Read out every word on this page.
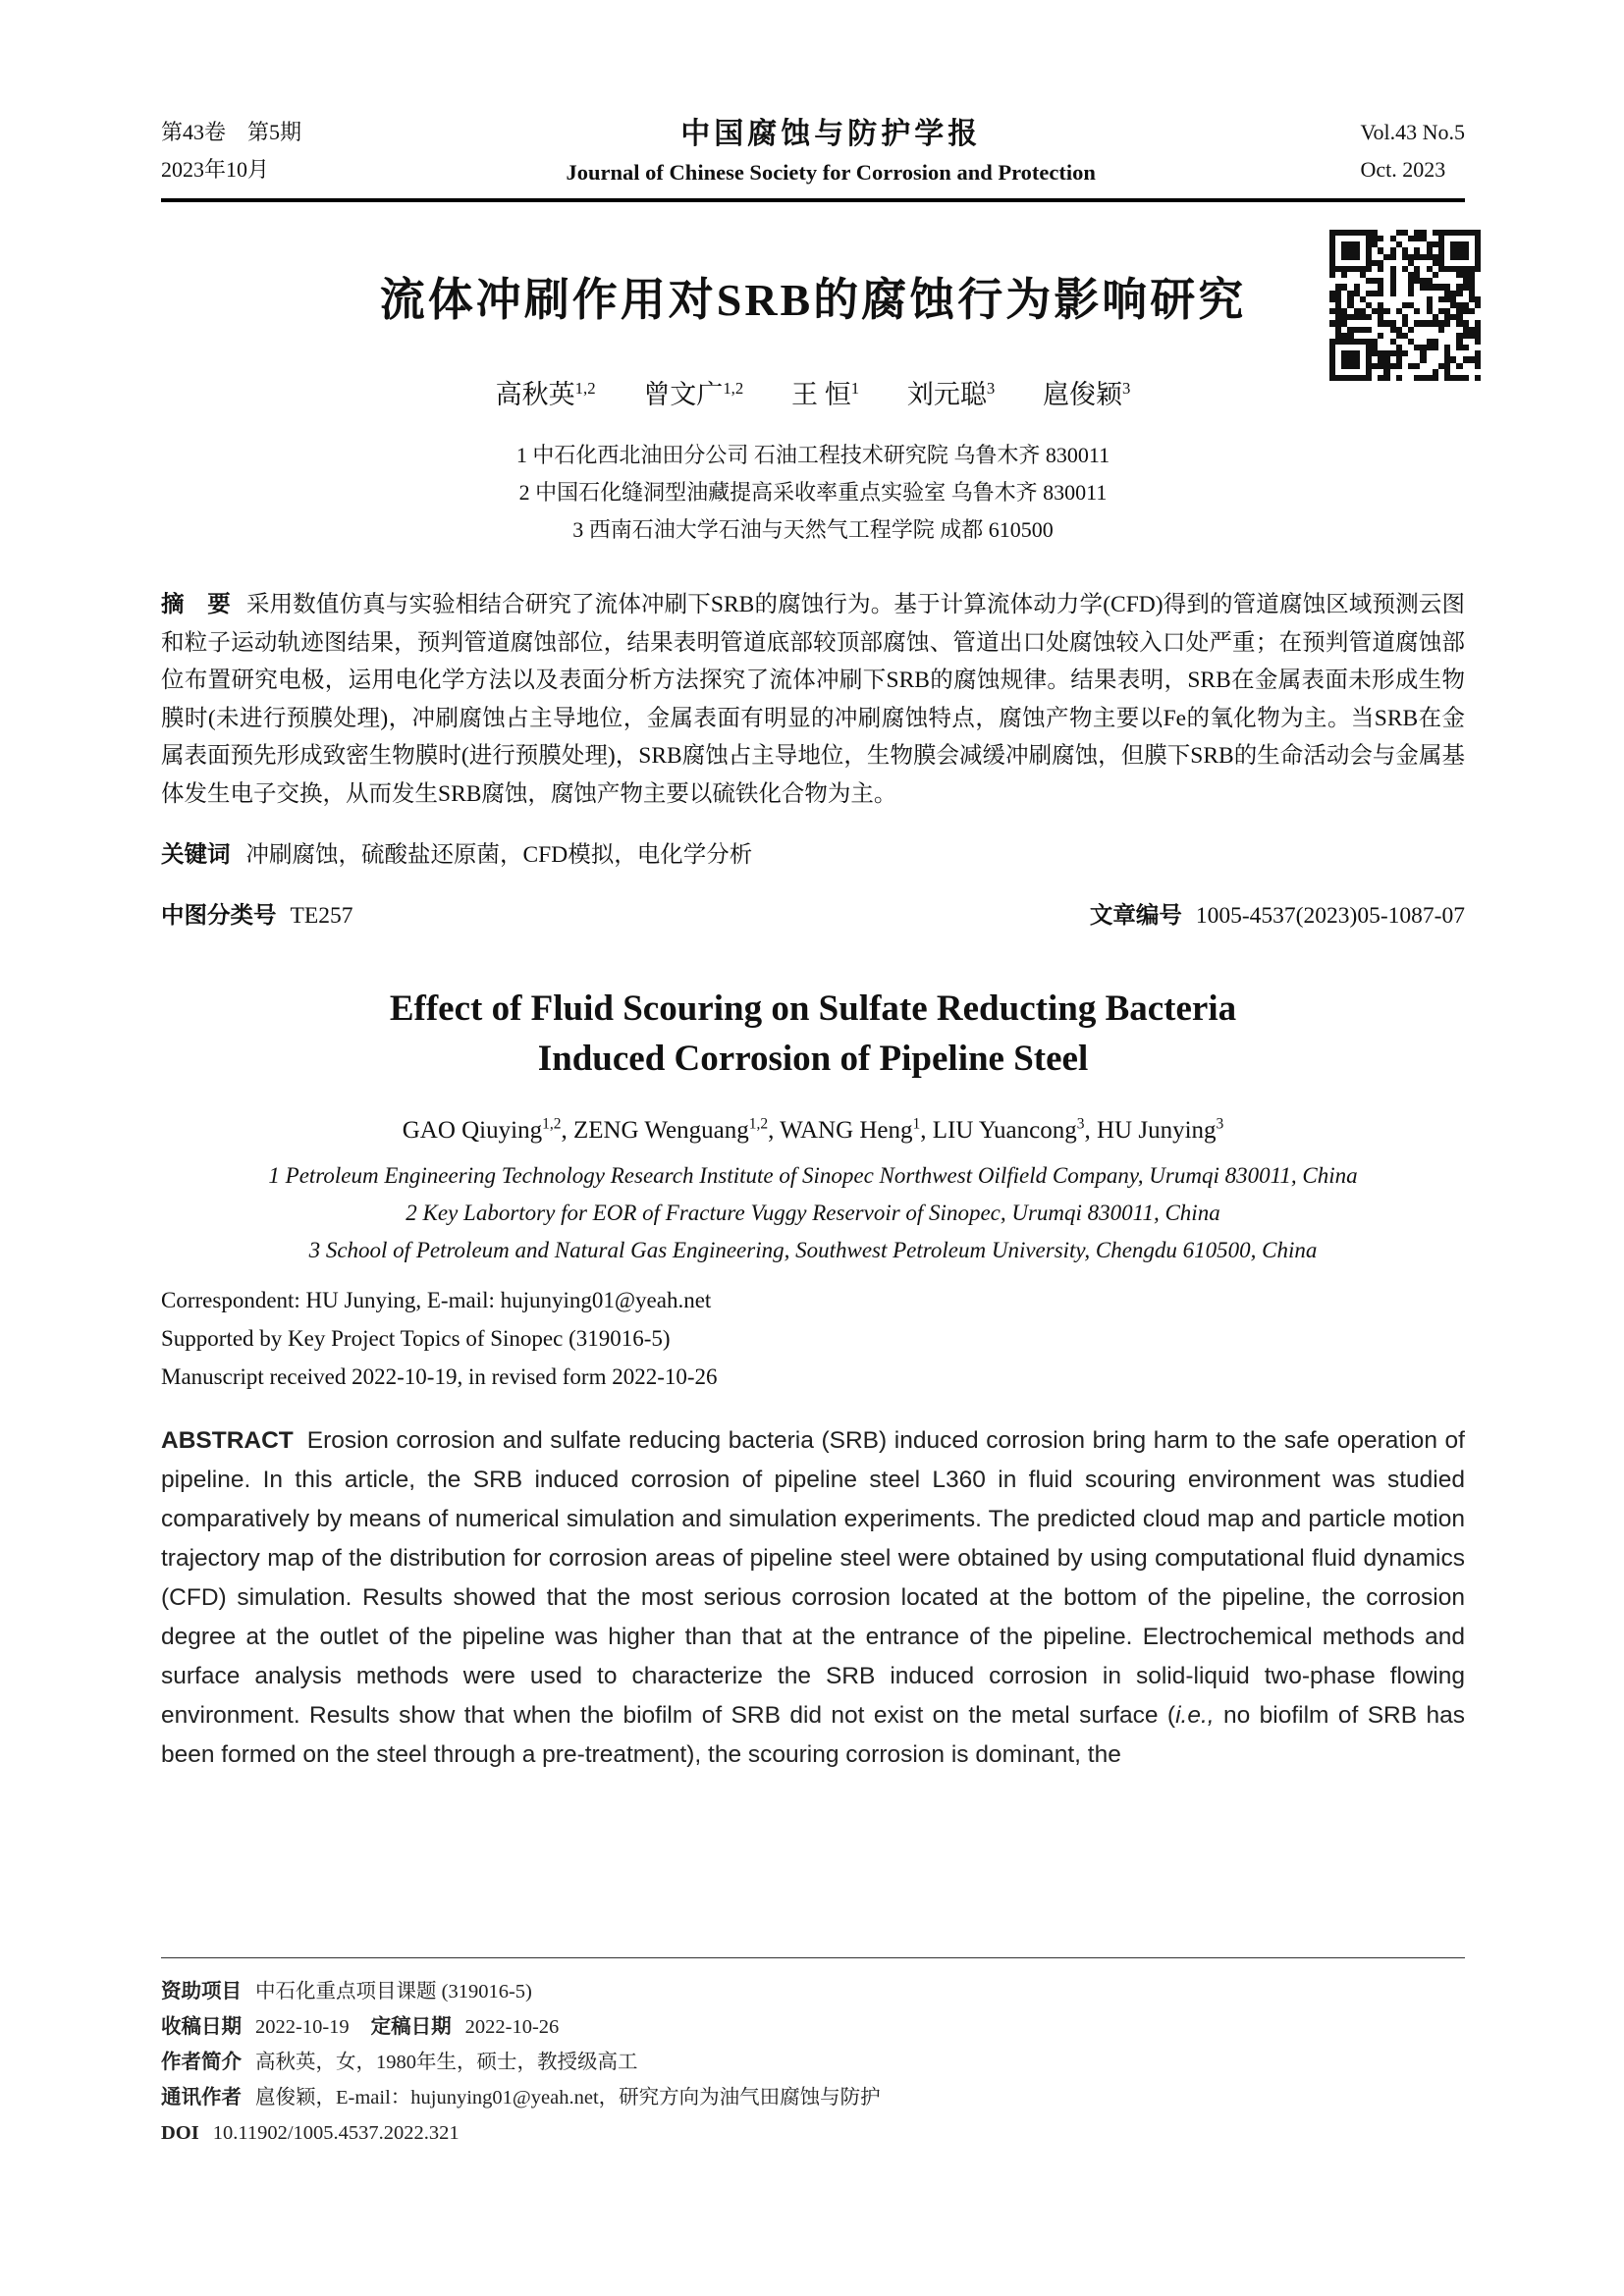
第43卷　第5期
2023年10月
中国腐蚀与防护学报
Journal of Chinese Society for Corrosion and Protection
Vol.43 No.5
Oct. 2023
流体冲刷作用对SRB的腐蚀行为影响研究
高秋英$^{1,2}$ 曾文广$^{1,2}$ 王 恒$^1$ 刘元聪$^3$ 扈俊颖$^3$
1 中石化西北油田分公司 石油工程技术研究院 乌鲁木齐 830011
2 中国石化缝洞型油藏提高采收率重点实验室 乌鲁木齐 830011
3 西南石油大学石油与天然气工程学院 成都 610500

摘　要 采用数值仿真与实验相结合研究了流体冲刷下SRB的腐蚀行为。基于计算流体动力学(CFD)得到的管道腐蚀区域预测云图和粒子运动轨迹图结果，预判管道腐蚀部位，结果表明管道底部较顶部腐蚀、管道出口处腐蚀较入口处严重；在预判管道腐蚀部位布置研究电极，运用电化学方法以及表面分析方法探究了流体冲刷下SRB的腐蚀规律。结果表明，SRB在金属表面未形成生物膜时(未进行预膜处理)，冲刷腐蚀占主导地位，金属表面有明显的冲刷腐蚀特点，腐蚀产物主要以Fe的氧化物为主。当SRB在金属表面预先形成致密生物膜时(进行预膜处理)，SRB腐蚀占主导地位，生物膜会减缓冲刷腐蚀，但膜下SRB的生命活动会与金属基体发生电子交换，从而发生SRB腐蚀，腐蚀产物主要以硫铁化合物为主。

关键词 冲刷腐蚀，硫酸盐还原菌，CFD模拟，电化学分析

中图分类号 TE257	文章编号 1005-4537(2023)05-1087-07
Effect of Fluid Scouring on Sulfate Reducting Bacteria
Induced Corrosion of Pipeline Steel
GAO Qiuying$^{1,2}$, ZENG Wenguang$^{1,2}$, WANG Heng$^1$, LIU Yuancong$^3$, HU Junying$^3$
1 Petroleum Engineering Technology Research Institute of Sinopec Northwest Oilfield Company, Urumqi 830011, China
2 Key Labortory for EOR of Fracture Vuggy Reservoir of Sinopec, Urumqi 830011, China
3 School of Petroleum and Natural Gas Engineering, Southwest Petroleum University, Chengdu 610500, China
Correspondent: HU Junying, E-mail: hujunying01@yeah.net
Supported by Key Project Topics of Sinopec (319016-5)
Manuscript received 2022-10-19, in revised form 2022-10-26

ABSTRACT Erosion corrosion and sulfate reducing bacteria (SRB) induced corrosion bring harm to the safe operation of pipeline. In this article, the SRB induced corrosion of pipeline steel L360 in fluid scouring environment was studied comparatively by means of numerical simulation and simulation experiments. The predicted cloud map and particle motion trajectory map of the distribution for corrosion areas of pipeline steel were obtained by using computational fluid dynamics (CFD) simulation. Results showed that the most serious corrosion located at the bottom of the pipeline, the corrosion degree at the outlet of the pipeline was higher than that at the entrance of the pipeline. Electrochemical methods and surface analysis methods were used to characterize the SRB induced corrosion in solid-liquid two-phase flowing environment. Results show that when the biofilm of SRB did not exist on the metal surface (i.e., no biofilm of SRB has been formed on the steel through a pre-treatment), the scouring corrosion is dominant, the

资助项目 中石化重点项目课题 (319016-5)
收稿日期 2022-10-19 定稿日期 2022-10-26
作者简介 高秋英，女，1980年生，硕士，教授级高工
通讯作者 扈俊颖，E-mail：hujunying01@yeah.net，研究方向为油气田腐蚀与防护
DOI 10.11902/1005.4537.2022.321
